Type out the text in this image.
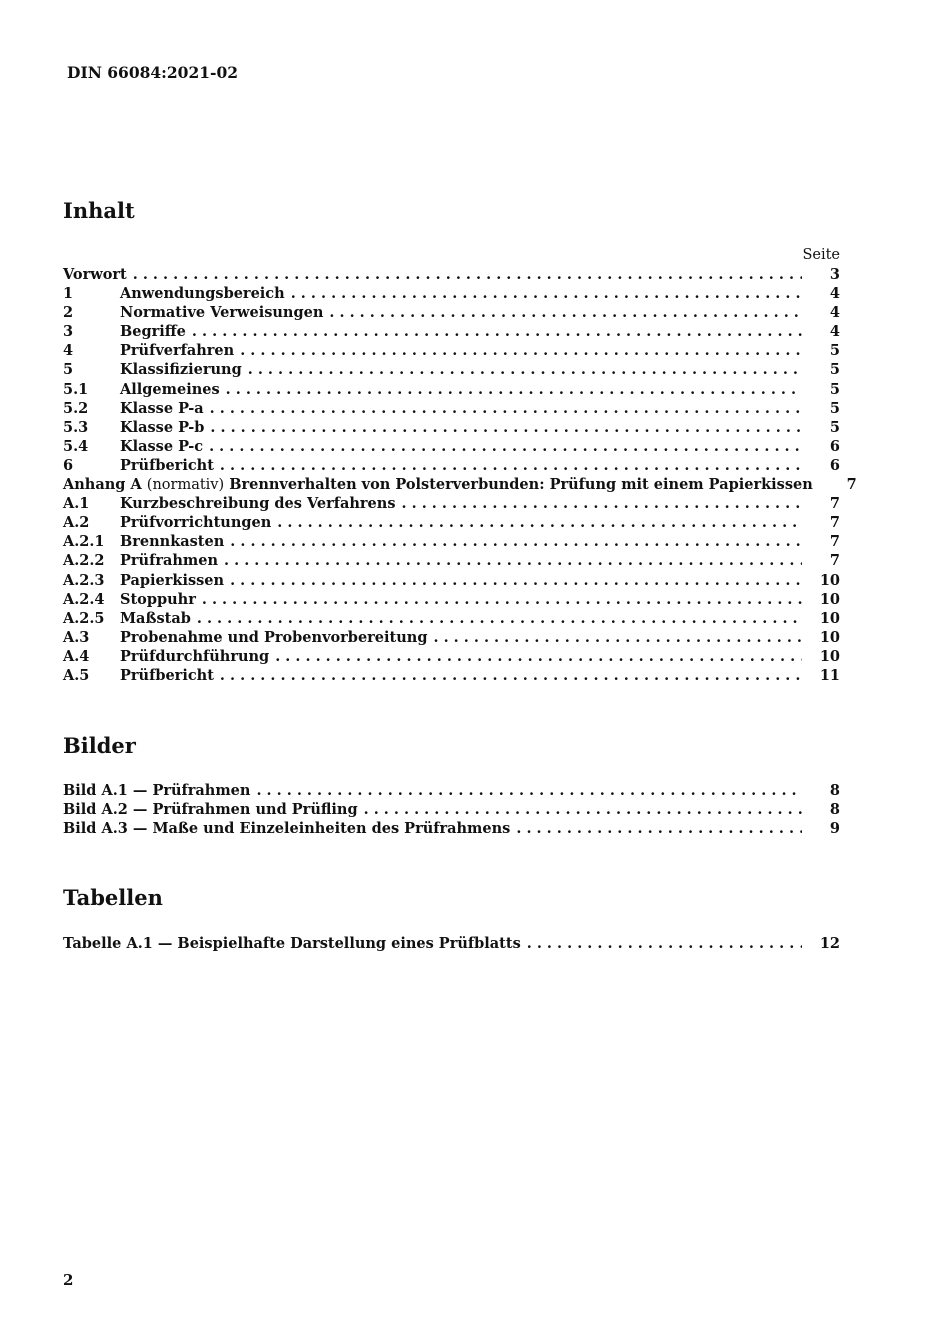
DIN 66084:2021-02
Inhalt
Seite
Vorwort . . .	3
1	Anwendungsbereich . . .	4
2	Normative Verweisungen . . .	4
3	Begriffe . . .	4
4	Prüfverfahren . . .	5
5	Klassifizierung . . .	5
5.1	Allgemeines . . .	5
5.2	Klasse P-a . . .	5
5.3	Klasse P-b . . .	5
5.4	Klasse P-c . . .	6
6	Prüfbericht . . .	6
Anhang A (normativ) Brennverhalten von Polsterverbunden: Prüfung mit einem Papierkissen	7
A.1	Kurzbeschreibung des Verfahrens . . .	7
A.2	Prüfvorrichtungen . . .	7
A.2.1	Brennkasten . . .	7
A.2.2	Prüfrahmen . . .	7
A.2.3	Papierkissen . . .	10
A.2.4	Stoppuhr . . .	10
A.2.5	Maßstab . . .	10
A.3	Probenahme und Probenvorbereitung . . .	10
A.4	Prüfdurchführung . . .	10
A.5	Prüfbericht . . .	11
Bilder
Bild A.1 — Prüfrahmen . . .	8
Bild A.2 — Prüfrahmen und Prüfling . . .	8
Bild A.3 — Maße und Einzeleinheiten des Prüfrahmens . . .	9
Tabellen
Tabelle A.1 — Beispielhafte Darstellung eines Prüfblatts . . .	12
2
